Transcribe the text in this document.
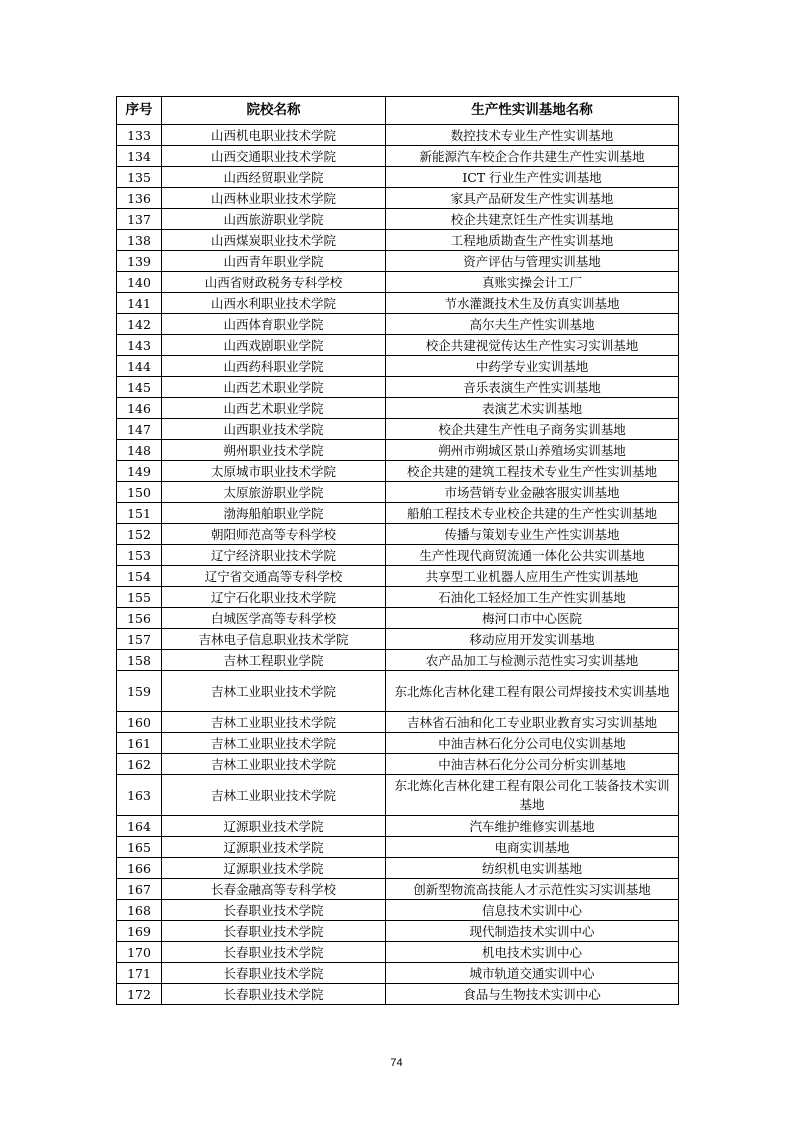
序号	院校名称	生产性实训基地名称
133	山西机电职业技术学院	数控技术专业生产性实训基地
134	山西交通职业技术学院	新能源汽车校企合作共建生产性实训基地
135	山西经贸职业学院	ICT 行业生产性实训基地
136	山西林业职业技术学院	家具产品研发生产性实训基地
137	山西旅游职业学院	校企共建烹饪生产性实训基地
138	山西煤炭职业技术学院	工程地质勘查生产性实训基地
139	山西青年职业学院	资产评估与管理实训基地
140	山西省财政税务专科学校	真账实操会计工厂
141	山西水利职业技术学院	节水灌溉技术生及仿真实训基地
142	山西体育职业学院	高尔夫生产性实训基地
143	山西戏剧职业学院	校企共建视觉传达生产性实习实训基地
144	山西药科职业学院	中药学专业实训基地
145	山西艺术职业学院	音乐表演生产性实训基地
146	山西艺术职业学院	表演艺术实训基地
147	山西职业技术学院	校企共建生产性电子商务实训基地
148	朔州职业技术学院	朔州市朔城区景山养殖场实训基地
149	太原城市职业技术学院	校企共建的建筑工程技术专业生产性实训基地
150	太原旅游职业学院	市场营销专业金融客服实训基地
151	渤海船舶职业学院	船舶工程技术专业校企共建的生产性实训基地
152	朝阳师范高等专科学校	传播与策划专业生产性实训基地
153	辽宁经济职业技术学院	生产性现代商贸流通一体化公共实训基地
154	辽宁省交通高等专科学校	共享型工业机器人应用生产性实训基地
155	辽宁石化职业技术学院	石油化工轻烃加工生产性实训基地
156	白城医学高等专科学校	梅河口市中心医院
157	吉林电子信息职业技术学院	移动应用开发实训基地
158	吉林工程职业学院	农产品加工与检测示范性实习实训基地
159	吉林工业职业技术学院	东北炼化吉林化建工程有限公司焊接技术实训基地
160	吉林工业职业技术学院	吉林省石油和化工专业职业教育实习实训基地
161	吉林工业职业技术学院	中油吉林石化分公司电仪实训基地
162	吉林工业职业技术学院	中油吉林石化分公司分析实训基地
163	吉林工业职业技术学院	东北炼化吉林化建工程有限公司化工装备技术实训基地
164	辽源职业技术学院	汽车维护维修实训基地
165	辽源职业技术学院	电商实训基地
166	辽源职业技术学院	纺织机电实训基地
167	长春金融高等专科学校	创新型物流高技能人才示范性实习实训基地
168	长春职业技术学院	信息技术实训中心
169	长春职业技术学院	现代制造技术实训中心
170	长春职业技术学院	机电技术实训中心
171	长春职业技术学院	城市轨道交通实训中心
172	长春职业技术学院	食品与生物技术实训中心
74
